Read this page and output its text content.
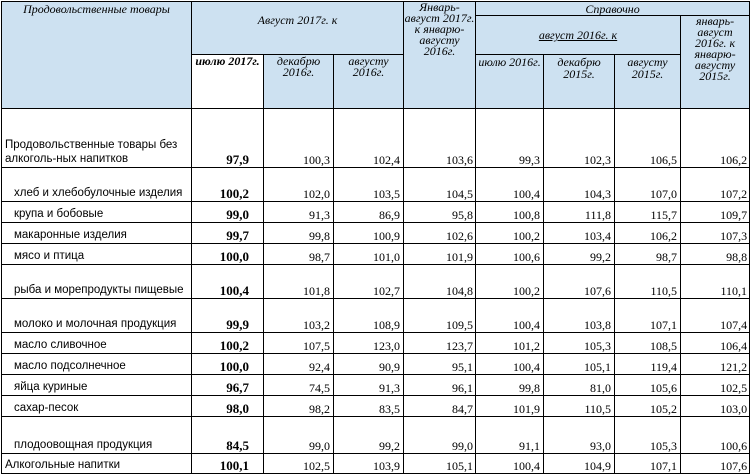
Продовольственные товары	Август 2017г. к			Январь-август 2017г. к январю-августу 2016г.	Справочно			
					август 2016г. к			январь-август 2016г. к январю-августу 2015г.
	июлю 2017г.	декабрю 2016г.	августу 2016г.		июлю 2016г.	декабрю 2015г.	августу 2015г.	
Продовольственные товары без алкоголь-ных напитков	97,9	100,3	102,4	103,6	99,3	102,3	106,5	106,2
хлеб и хлебобулочные изделия	100,2	102,0	103,5	104,5	100,4	104,3	107,0	107,2
крупа и бобовые	99,0	91,3	86,9	95,8	100,8	111,8	115,7	109,7
макаронные изделия	99,7	99,8	100,9	102,6	100,2	103,4	106,2	107,3
мясо и птица	100,0	98,7	101,0	101,9	100,6	99,2	98,7	98,8
рыба и морепродукты пищевые	100,4	101,8	102,7	104,8	100,2	107,6	110,5	110,1
молоко и молочная продукция	99,9	103,2	108,9	109,5	100,4	103,8	107,1	107,4
масло сливочное	100,2	107,5	123,0	123,7	101,2	105,3	108,5	106,4
масло подсолнечное	100,0	92,4	90,9	95,1	100,4	105,1	119,4	121,2
яйца куриные	96,7	74,5	91,3	96,1	99,8	81,0	105,6	102,5
сахар-песок	98,0	98,2	83,5	84,7	101,9	110,5	105,2	103,0
плодоовощная продукция	84,5	99,0	99,2	99,0	91,1	93,0	105,3	100,6
Алкогольные напитки	100,1	102,5	103,9	105,1	100,4	104,9	107,1	107,6
